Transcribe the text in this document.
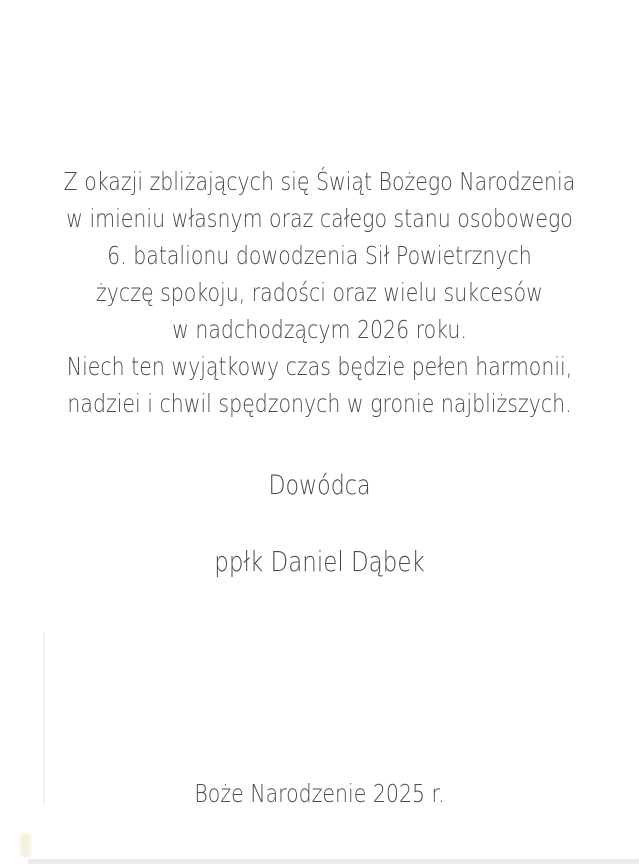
Z okazji zbliżających się Świąt Bożego Narodzenia
w imieniu własnym oraz całego stanu osobowego
6. batalionu dowodzenia Sił Powietrznych
życzę spokoju, radości oraz wielu sukcesów
w nadchodzącym 2026 roku.
Niech ten wyjątkowy czas będzie pełen harmonii,
nadziei i chwil spędzonych w gronie najbliższych.
Dowódca
ppłk Daniel Dąbek
Boże Narodzenie 2025 r.
